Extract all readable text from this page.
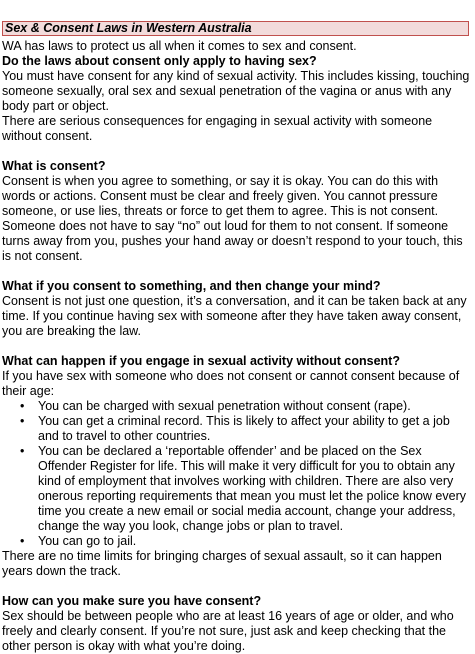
Sex & Consent Laws in Western Australia

WA has laws to protect us all when it comes to sex and consent.

Do the laws about consent only apply to having sex?

You must have consent for any kind of sexual activity. This includes kissing, touching someone sexually, oral sex and sexual penetration of the vagina or anus with any body part or object.

There are serious consequences for engaging in sexual activity with someone without consent.

What is consent?

Consent is when you agree to something, or say it is okay. You can do this with words or actions. Consent must be clear and freely given. You cannot pressure someone, or use lies, threats or force to get them to agree. This is not consent. Someone does not have to say “no” out loud for them to not consent. If someone turns away from you, pushes your hand away or doesn’t respond to your touch, this is not consent.

What if you consent to something, and then change your mind?

Consent is not just one question, it’s a conversation, and it can be taken back at any time. If you continue having sex with someone after they have taken away consent, you are breaking the law.

What can happen if you engage in sexual activity without consent?

If you have sex with someone who does not consent or cannot consent because of their age:

• You can be charged with sexual penetration without consent (rape).
• You can get a criminal record. This is likely to affect your ability to get a job and to travel to other countries.
• You can be declared a ‘reportable offender’ and be placed on the Sex Offender Register for life. This will make it very difficult for you to obtain any kind of employment that involves working with children. There are also very onerous reporting requirements that mean you must let the police know every time you create a new email or social media account, change your address, change the way you look, change jobs or plan to travel.
• You can go to jail.

There are no time limits for bringing charges of sexual assault, so it can happen years down the track.

How can you make sure you have consent?

Sex should be between people who are at least 16 years of age or older, and who freely and clearly consent. If you’re not sure, just ask and keep checking that the other person is okay with what you’re doing.
